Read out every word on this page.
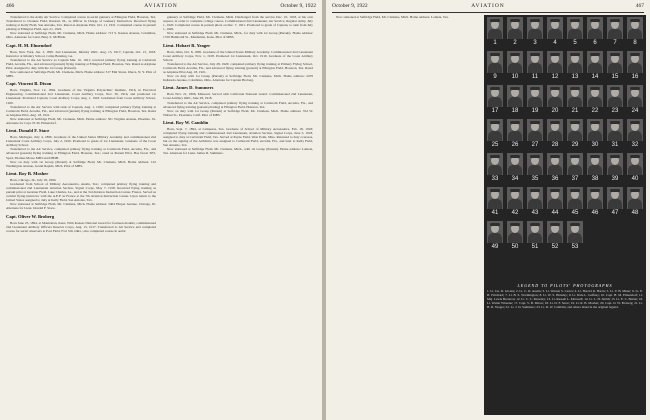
466	AVIATION	October 9, 1922
Transferred to the Army Air Service. Completed course in aerial gunnery at Ellington Field, Houston, Tex. Transferred to Chanute Field, Rantoul, Ill., as Officer in Charge of Gunnery Instruction. Received flying training at Kelly Field, San Antonio, Tex. Rated as Airplane Pilot, Oct. 11, 1921. Completed course in pursuit piloting at Ellington Field, Apr. 21, 1922.
Now stationed at Selfridge Field, Mt. Clemens, Mich. Home address: 713 S. Kansas Avenue, Columbus, Ohio. Alternate for Lieut. Benj. S. McBride.
Capt. H. M. Elmendorf
Born, New York, Jan. 3, 1895. 2nd Lieutenant, Infantry ORC. Aug. 15, 1917; Captain, Oct. 15, 1918. Instructor at Infantry School, Camp Benning, Ga.
Transferred to the Air Service as Captain Mar. 10, 1921; received primary flying training at Carlstrom Field, Arcadia, Fla., and advanced (pursuit) flying training at Ellington Field, Houston, Tex. Rated as Airplane Pilot. Assigned to duty with the 1st Group (Pursuit).
Now stationed at Selfridge Field, Mt. Clemens, Mich. Home address: 317 Elm Street, Ithaca, N. Y. Pilot of MBS.
Capt. Vincent B. Dixon
Born, Virginia, Nov. 12, 1894. Graduate of the Virginia Polytechnic Institute, 1916, in Electrical Engineering. Commissioned 2nd Lieutenant, Coast Artillery Corps, Nov. 30, 1916, and promoted 1st Lieutenant. Promoted Captain, Coast Artillery Corps, Aug. 1, 1918. Graduated from Coast Artillery School, 1920.
Transferred to the Air Service with rank of Captain, Aug. 1, 1920; completed primary flying training at Carlstrom Field, Arcadia, Fla., and advanced (pursuit) flying training at Ellington Field, Houston, Tex. Rated as Airplane Pilot, Aug. 18, 1921.
Now stationed at Selfridge Field, Mt. Clemens, Mich. Home address: 501 Virginia Avenue, Phoebus, Va. Alternate for Capt. H. M. Elmendorf.
Lieut. Donald F. Stace
Born, Michigan, July 4, 1896. Graduate of the United States Military Academy and commissioned 2nd Lieutenant Coast Artillery Corps, July 2, 1920. Promoted to grade of 1st Lieutenant. Graduate of the Coast Artillery School.
Transferred to the Air Service, completed primary flying training at Carlstrom Field, Arcadia, Fla., and advanced (pursuit) flying training at Ellington Field, Houston, Tex.; rated as Pursuit Pilot. Has flown SE5, Spad, Thomas Morse MB3 and DH4B.
Now on duty with 1st Group (Pursuit) at Selfridge Field, Mt. Clemens, Mich. Home address: 122 Washington Avenue, Grand Rapids, Mich. Pilot of MBS.
Lieut. Roy B. Mosher
Born, Chicago, Ill., July 18, 1890.
Graduated from School of Military Aeronautics, Austin, Tex.; completed primary flying training and commissioned 2nd Lieutenant Aviation Section, Signal Corps, May 7, 1918. Received flying training as pursuit pilot at Gerstner Field, Lake Charles, La., and at the 3rd Aviation Instruction Center, France. Served as combat flying instructor with the A.E.F. in France at the 7th Aviation Instruction Center. Upon return to the United States assigned to duty at Kelly Field, San Antonio, Tex.
Now stationed at Selfridge Field, Mt. Clemens, Mich. Home address: 3404 Harper Avenue, Chicago, Ill. Alternate for Lieut. Donald F. Stace.
Capt. Oliver W. Broberg
Born June 25, 1894, at Manhattan, Kans. With Kansas National Guard for fourteen months; commissioned 2nd Lieutenant Artillery Officers Reserve Corps, Aug. 15, 1917. Transferred to Air Service and completed course for aerial observers at Post Field, Fort Sill, Okla.; also completed course in aerial
gunnery at Selfridge Field, Mt. Clemens, Mich. Discharged from the service Dec. 10, 1918, at his own request, in order to complete college course. Commissioned 2nd Lieutenant, Air Service, Regular Army, July 1, 1920. Completed course in pursuit pilots on Dec. 7, 1921. Promoted to grade of Captain, to rank from July 1, 1920.
Now stationed at Selfridge Field, Mt. Clemens, Mich., for duty with 1st Group (Pursuit). Home address: 1729 Humboldt St., Manhattan, Kans. Pilot of MBS.
Lieut. Hobart R. Yeager
Born, Ohio, Oct. 8, 1895. Graduate of the United States Military Academy. Commissioned 2nd Lieutenant Coast Artillery Corps, Nov. 1, 1918. Promoted 1st Lieutenant, Oct. 1919. Graduate of the Coast Artillery School.
Transferred to the Air Service, July 28, 1920; completed primary flying training at Primary Flying School, Carlstrom Field, Arcadia, Fla., and advanced flying training (pursuit) at Ellington Field, Houston, Tex. Rated as Airplane Pilot Aug. 18, 1921.
Now on duty with 1st Group (Pursuit) at Selfridge Field, Mt. Clemens, Mich. Home address: 2479 Indianola Avenue, Columbus, Ohio. Alternate for Captain Broberg.
Lieut. James D. Summers
Born Nov. 21, 1896, Missouri. Served with California National Guard. Commissioned 2nd Lieutenant, Coast Artillery ORC, June 28, 1918.
Transferred to the Air Service, completed primary flying training at Carlstrom Field, Arcadia, Fla., and advanced flying training (pursuit piloting) at Ellington Field, Houston, Tex.
Now on duty with 1st Group (Pursuit) at Selfridge Field, Mt. Clemens, Mich. Home address: 354 W. Walnut St., Pasadena, Calif. Pilot of MBS.
Lieut. Roy W. Camblin
Born, Sept. 7, 1894, at Lampasas, Tex. Graduate of School of Military Aeronautics, Feb. 18, 1918; completed flying training and commissioned 2nd Lieutenant, Aviation Section, Signal Corps, June 5, 1918, assigned to duty at Carlstrom Field, Tex. Served at Payne Field, West Point, Miss. Returned to duty overseas, but on the signing of the Armistice was assigned to Carlstrom Field, Arcadia, Fla., and later to Kelly Field, San Antonio, Tex.
Now stationed at Selfridge Field, Mt. Clemens, Mich., with 1st Group (Pursuit). Home address: Lometa, Tex. Alternate for Lieut. James D. Summers.
October 9, 1922	AVIATION	467
Now stationed at Selfridge Field, Mt. Clemens, Mich. Home address: Lometa, Tex.
1	2	3	4	5	6	7	8
9	10	11	12	13	14	15	16
17	18	19	20	21	22	23	24
25	26	27	28	29	30	31	32
33	34	35	36	37	38	39	40
41	42	43	44	45	46	47	48
49	50	51	52	53
LEGEND TO PILOTS' PHOTOGRAPHS
1. Lt. Jas. D. Givens; 2. Lt. C. D. Austin; 3. Lt. Warren S. Carter; 4. Lt. Harold R. Harris; 5. Lt. V. B. Miner; 6. Lt. E. H. Pritchard; 7. Lt. B. S. Worthington; 8. Lt. W. S. Hensley; 9. Lt. Dale L. Gaffney; 10. Capt. H. M. Elmendorf; 11. Maj. Lewis Brereton; 12. Lt. C. C. Moseley; 13. Lt. Russell L. Maxwell; 14. Lt. L. H. Smith; 15. Lt. E. C. Batten; 16. Lt. Walter Wheeler; 17. Capt. V. B. Dixon; 18. Lt. D. F. Stace; 19. Lt. R. B. Mosher; 20. Capt. O. W. Broberg; 21. Lt. H. R. Yeager; 22. Lt. J. D. Summers; 23. Lt. R. W. Camblin; and others listed in the original legend.
